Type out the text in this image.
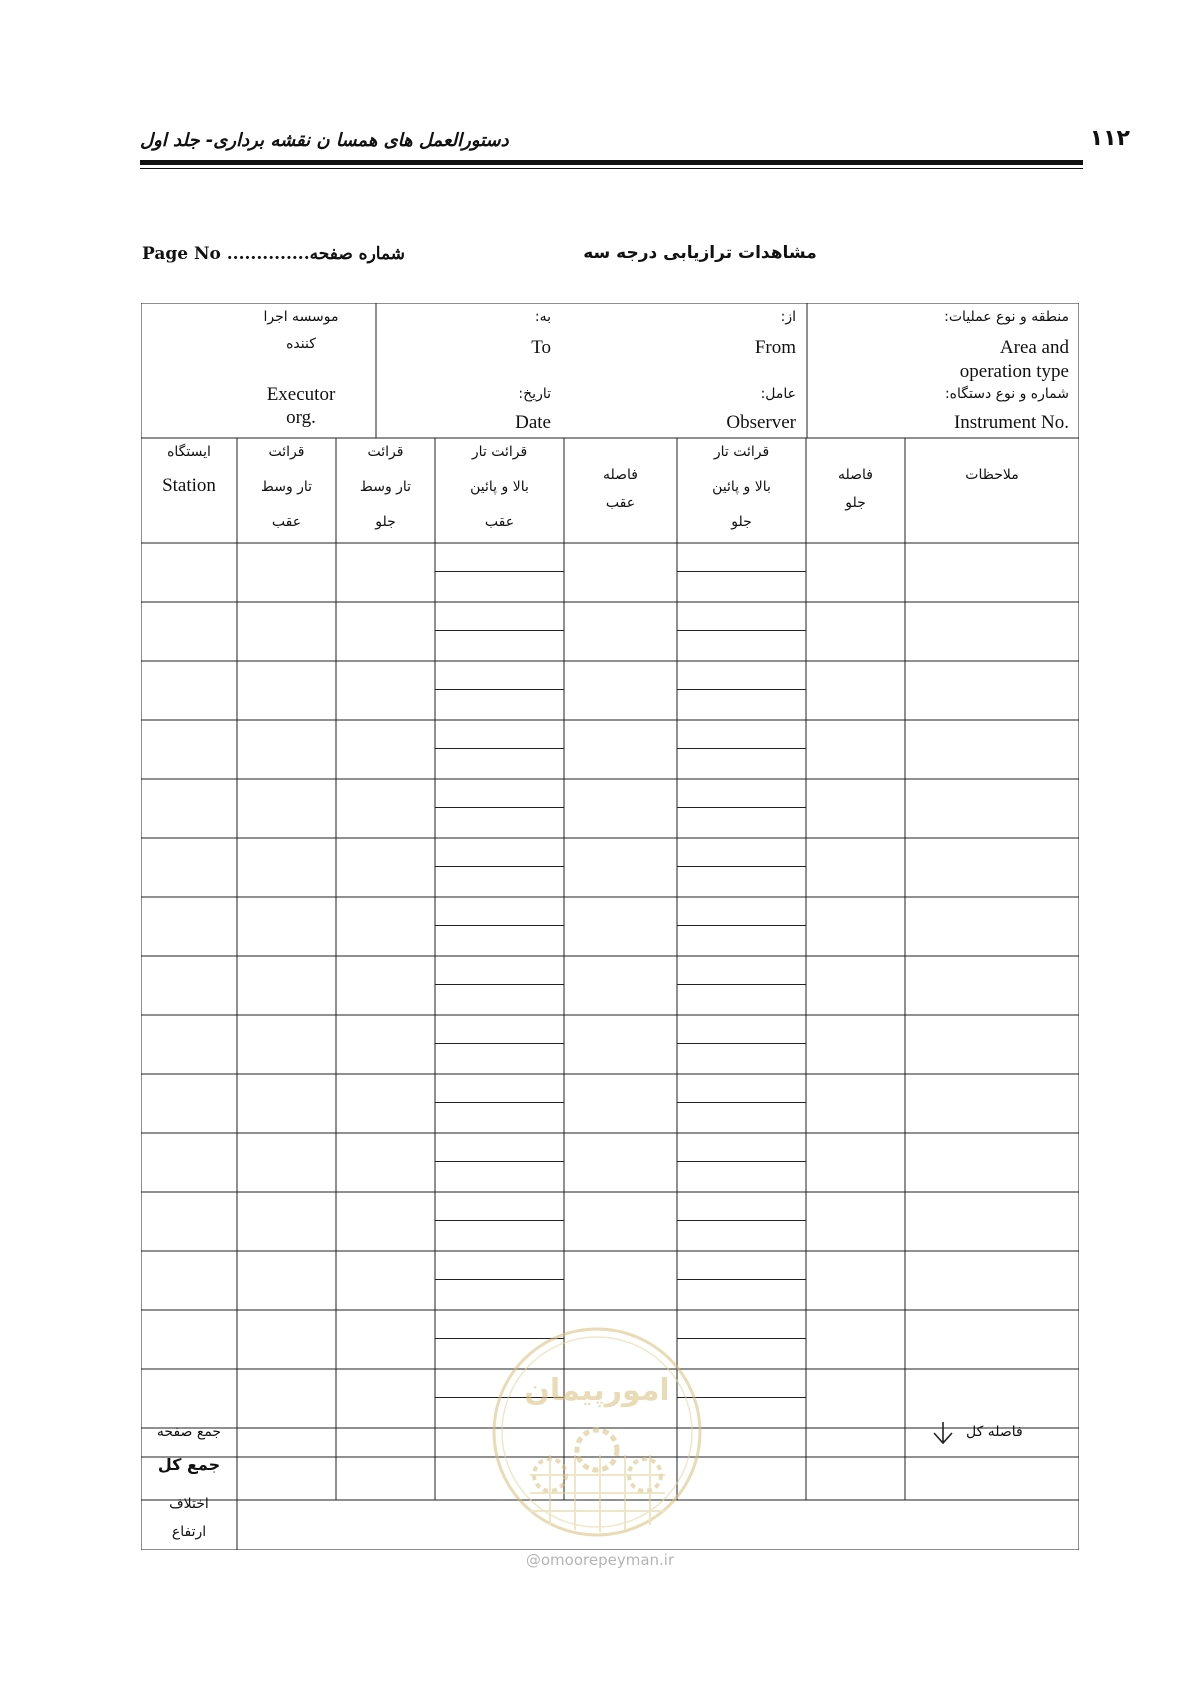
۱۱۲
دستورالعمل های همسا ن نقشه برداری- جلد اول
مشاهدات ترازیابی درجه سه
Page No ..............شماره صفحه
منطقه و نوع عملیات:
Area and
operation type
شماره و نوع دستگاه:
Instrument No.
از:
From
عامل:
Observer
به:
To
تاریخ:
Date
موسسه اجرا
کننده
Executor
org.
ایستگاه
Station
قرائت
تار وسط
عقب
قرائت
تار وسط
جلو
قرائت تار
بالا و پائین
عقب
فاصله
عقب
قرائت تار
بالا و پائین
جلو
فاصله
جلو
ملاحظات
جمع صفحه
جمع کل
اختلاف
ارتفاع
فاصله کل
امورپیمان
@omoorepeyman.ir
